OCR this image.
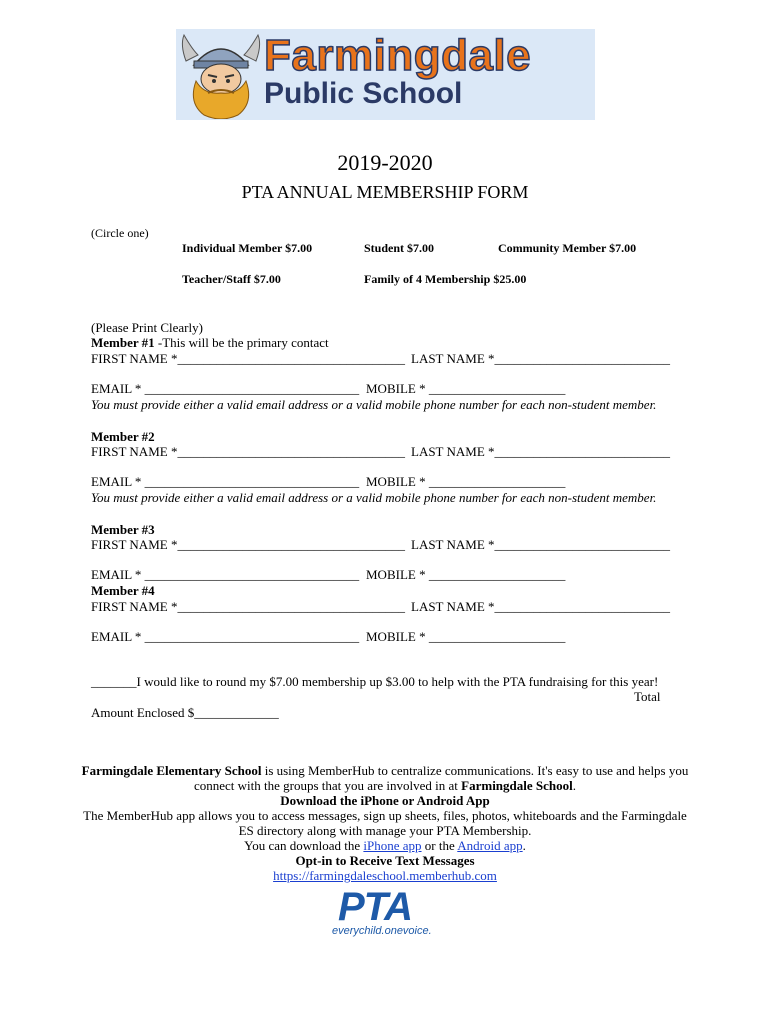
Farmingdale
Public School
2019-2020
PTA ANNUAL MEMBERSHIP FORM
(Circle one)
Individual Member $7.00	Student $7.00	Community Member $7.00
Teacher/Staff $7.00	Family of 4 Membership $25.00
(Please Print Clearly)
Member #1 -This will be the primary contact
FIRST NAME *___________________________________ LAST NAME *___________________________
EMAIL * _________________________________ MOBILE * _____________________
You must provide either a valid email address or a valid mobile phone number for each non-student member.
Member #2
FIRST NAME *___________________________________ LAST NAME *___________________________
EMAIL * _________________________________ MOBILE * _____________________
You must provide either a valid email address or a valid mobile phone number for each non-student member.
Member #3
FIRST NAME *___________________________________ LAST NAME *___________________________
EMAIL * _________________________________ MOBILE * _____________________
Member #4
FIRST NAME *___________________________________ LAST NAME *___________________________
EMAIL * _________________________________ MOBILE * _____________________
_______I would like to round my $7.00 membership up $3.00 to help with the PTA fundraising for this year!
Total
Amount Enclosed $_____________
Farmingdale Elementary School is using MemberHub to centralize communications. It's easy to use and helps you
connect with the groups that you are involved in at Farmingdale School.
Download the iPhone or Android App
The MemberHub app allows you to access messages, sign up sheets, files, photos, whiteboards and the Farmingdale
ES directory along with manage your PTA Membership.
You can download the iPhone app or the Android app.
Opt-in to Receive Text Messages
https://farmingdaleschool.memberhub.com
PTA
everychild.onevoice.
